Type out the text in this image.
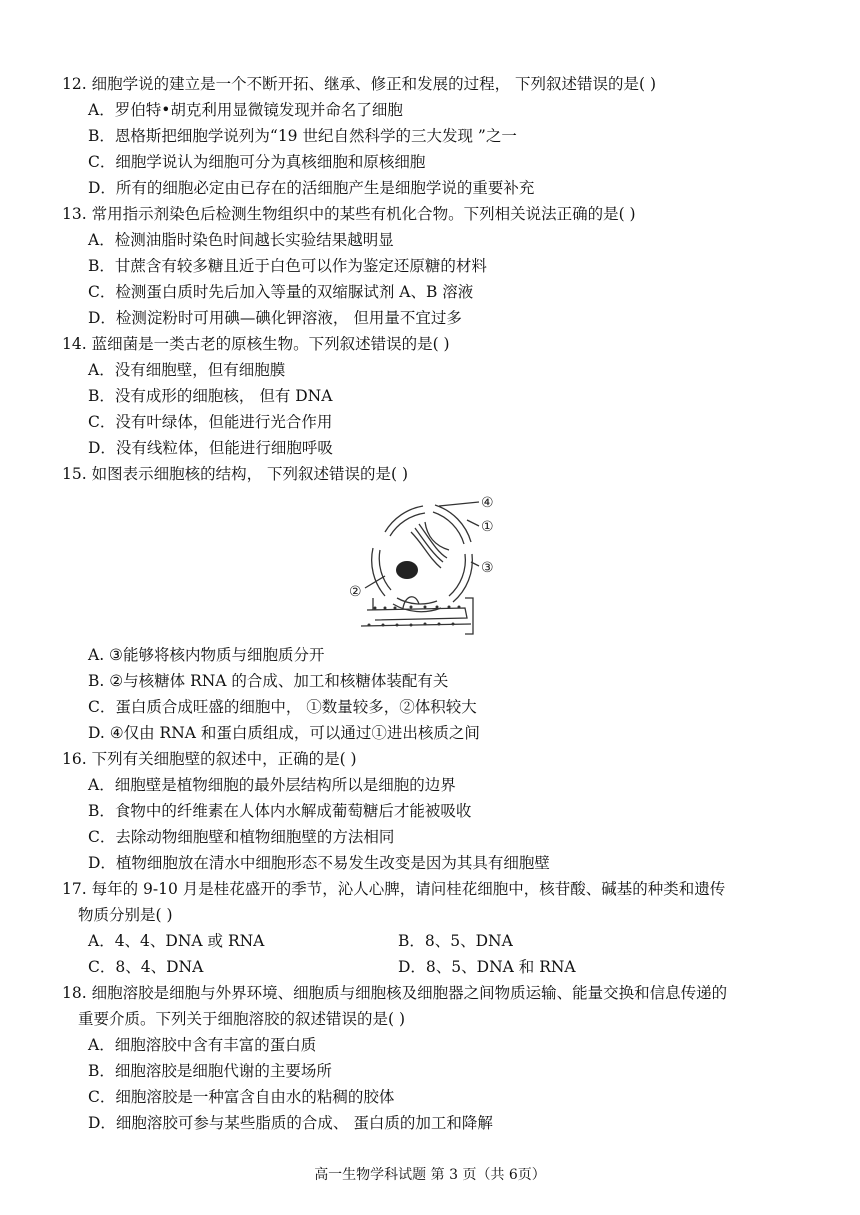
12. 细胞学说的建立是一个不断开拓、继承、修正和发展的过程， 下列叙述错误的是( )
A．罗伯特•胡克利用显微镜发现并命名了细胞
B．恩格斯把细胞学说列为“19 世纪自然科学的三大发现 ”之一
C．细胞学说认为细胞可分为真核细胞和原核细胞
D．所有的细胞必定由已存在的活细胞产生是细胞学说的重要补充
13. 常用指示剂染色后检测生物组织中的某些有机化合物。下列相关说法正确的是( )
A．检测油脂时染色时间越长实验结果越明显
B．甘蔗含有较多糖且近于白色可以作为鉴定还原糖的材料
C．检测蛋白质时先后加入等量的双缩脲试剂 A、B 溶液
D．检测淀粉时可用碘—碘化钾溶液， 但用量不宜过多
14. 蓝细菌是一类古老的原核生物。下列叙述错误的是( )
A．没有细胞壁，但有细胞膜
B．没有成形的细胞核， 但有 DNA
C．没有叶绿体，但能进行光合作用
D．没有线粒体，但能进行细胞呼吸
15. 如图表示细胞核的结构， 下列叙述错误的是( )
④
①
③
②
A. ③能够将核内物质与细胞质分开
B. ②与核糖体 RNA 的合成、加工和核糖体装配有关
C．蛋白质合成旺盛的细胞中， ①数量较多，②体积较大
D. ④仅由 RNA 和蛋白质组成，可以通过①进出核质之间
16. 下列有关细胞壁的叙述中，正确的是( )
A．细胞壁是植物细胞的最外层结构所以是细胞的边界
B．食物中的纤维素在人体内水解成葡萄糖后才能被吸收
C．去除动物细胞壁和植物细胞壁的方法相同
D．植物细胞放在清水中细胞形态不易发生改变是因为其具有细胞壁
17. 每年的 9-10 月是桂花盛开的季节，沁人心脾，请问桂花细胞中，核苷酸、碱基的种类和遗传
物质分别是( )
A．4、4、DNA 或 RNA	B．8、5、DNA
C．8、4、DNA	D．8、5、DNA 和 RNA
18. 细胞溶胶是细胞与外界环境、细胞质与细胞核及细胞器之间物质运输、能量交换和信息传递的
重要介质。下列关于细胞溶胶的叙述错误的是( )
A．细胞溶胶中含有丰富的蛋白质
B．细胞溶胶是细胞代谢的主要场所
C．细胞溶胶是一种富含自由水的粘稠的胶体
D．细胞溶胶可参与某些脂质的合成、 蛋白质的加工和降解
高一生物学科试题 第 3 页（共 6页）
